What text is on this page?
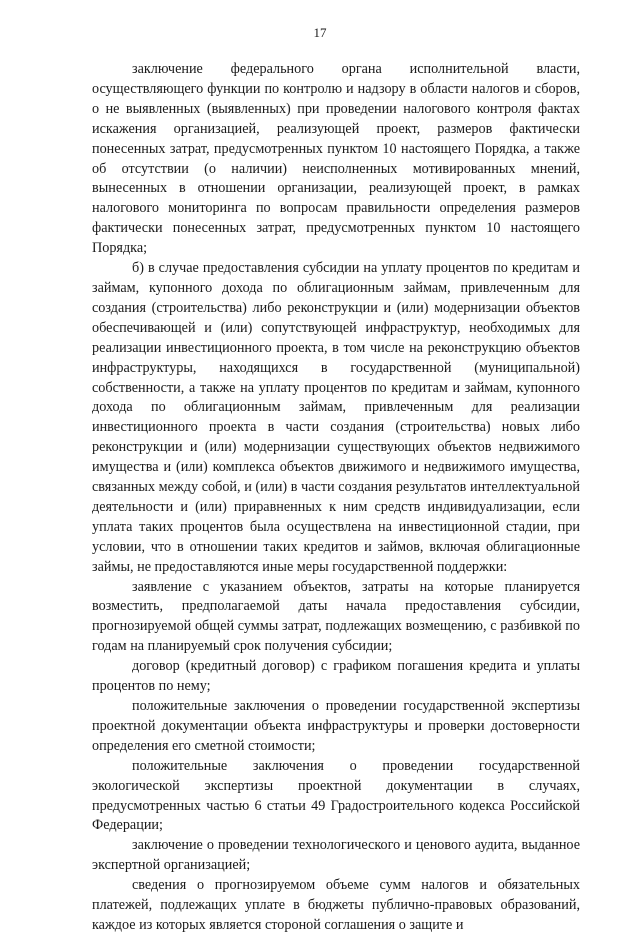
17

заключение федерального органа исполнительной власти, осуществляющего функции по контролю и надзору в области налогов и сборов, о не выявленных (выявленных) при проведении налогового контроля фактах искажения организацией, реализующей проект, размеров фактически понесенных затрат, предусмотренных пунктом 10 настоящего Порядка, а также об отсутствии (о наличии) неисполненных мотивированных мнений, вынесенных в отношении организации, реализующей проект, в рамках налогового мониторинга по вопросам правильности определения размеров фактически понесенных затрат, предусмотренных пунктом 10 настоящего Порядка;

б) в случае предоставления субсидии на уплату процентов по кредитам и займам, купонного дохода по облигационным займам, привлеченным для создания (строительства) либо реконструкции и (или) модернизации объектов обеспечивающей и (или) сопутствующей инфраструктур, необходимых для реализации инвестиционного проекта, в том числе на реконструкцию объектов инфраструктуры, находящихся в государственной (муниципальной) собственности, а также на уплату процентов по кредитам и займам, купонного дохода по облигационным займам, привлеченным для реализации инвестиционного проекта в части создания (строительства) новых либо реконструкции и (или) модернизации существующих объектов недвижимого имущества и (или) комплекса объектов движимого и недвижимого имущества, связанных между собой, и (или) в части создания результатов интеллектуальной деятельности и (или) приравненных к ним средств индивидуализации, если уплата таких процентов была осуществлена на инвестиционной стадии, при условии, что в отношении таких кредитов и займов, включая облигационные займы, не предоставляются иные меры государственной поддержки:

заявление с указанием объектов, затраты на которые планируется возместить, предполагаемой даты начала предоставления субсидии, прогнозируемой общей суммы затрат, подлежащих возмещению, с разбивкой по годам на планируемый срок получения субсидии;

договор (кредитный договор) с графиком погашения кредита и уплаты процентов по нему;

положительные заключения о проведении государственной экспертизы проектной документации объекта инфраструктуры и проверки достоверности определения его сметной стоимости;

положительные заключения о проведении государственной экологической экспертизы проектной документации в случаях, предусмотренных частью 6 статьи 49 Градостроительного кодекса Российской Федерации;

заключение о проведении технологического и ценового аудита, выданное экспертной организацией;

сведения о прогнозируемом объеме сумм налогов и обязательных платежей, подлежащих уплате в бюджеты публично-правовых образований, каждое из которых является стороной соглашения о защите и
